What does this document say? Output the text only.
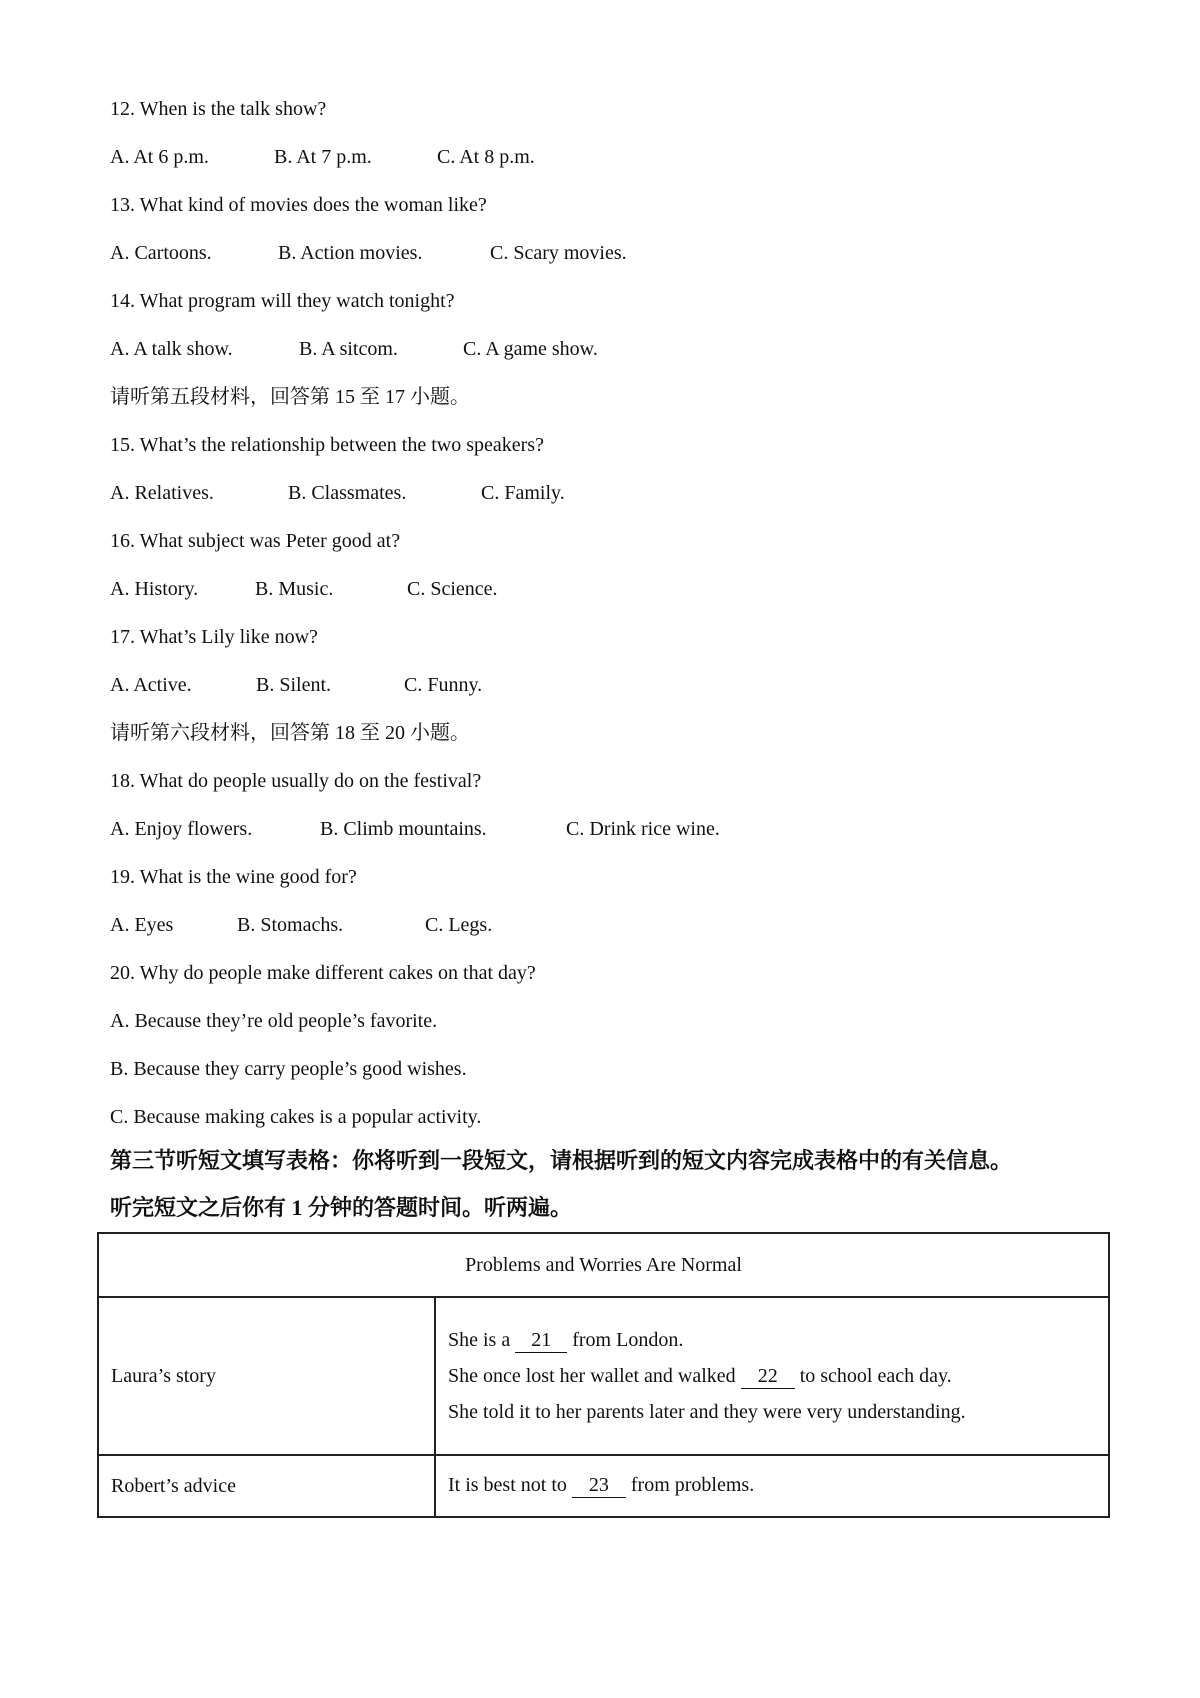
12. When is the talk show?
A. At 6 p.m.	B. At 7 p.m.	C. At 8 p.m.
13. What kind of movies does the woman like?
A. Cartoons.	B. Action movies.	C. Scary movies.
14. What program will they watch tonight?
A. A talk show.	B. A sitcom.	C. A game show.
请听第五段材料，回答第 15 至 17 小题。
15. What’s the relationship between the two speakers?
A. Relatives.	B. Classmates.	C. Family.
16. What subject was Peter good at?
A. History.	B. Music.	C. Science.
17. What’s Lily like now?
A. Active.	B. Silent.	C. Funny.
请听第六段材料，回答第 18 至 20 小题。
18. What do people usually do on the festival?
A. Enjoy flowers.	B. Climb mountains.	C. Drink rice wine.
19. What is the wine good for?
A. Eyes	B. Stomachs.	C. Legs.
20. Why do people make different cakes on that day?
A. Because they’re old people’s favorite.
B. Because they carry people’s good wishes.
C. Because making cakes is a popular activity.
第三节听短文填写表格：你将听到一段短文，请根据听到的短文内容完成表格中的有关信息。
听完短文之后你有 1 分钟的答题时间。听两遍。
Problems and Worries Are Normal	
Laura’s story	She is a 21 from London.
She once lost her wallet and walked 22 to school each day.
She told it to her parents later and they were very understanding.

Robert’s advice	It is best not to 23 from problems.
